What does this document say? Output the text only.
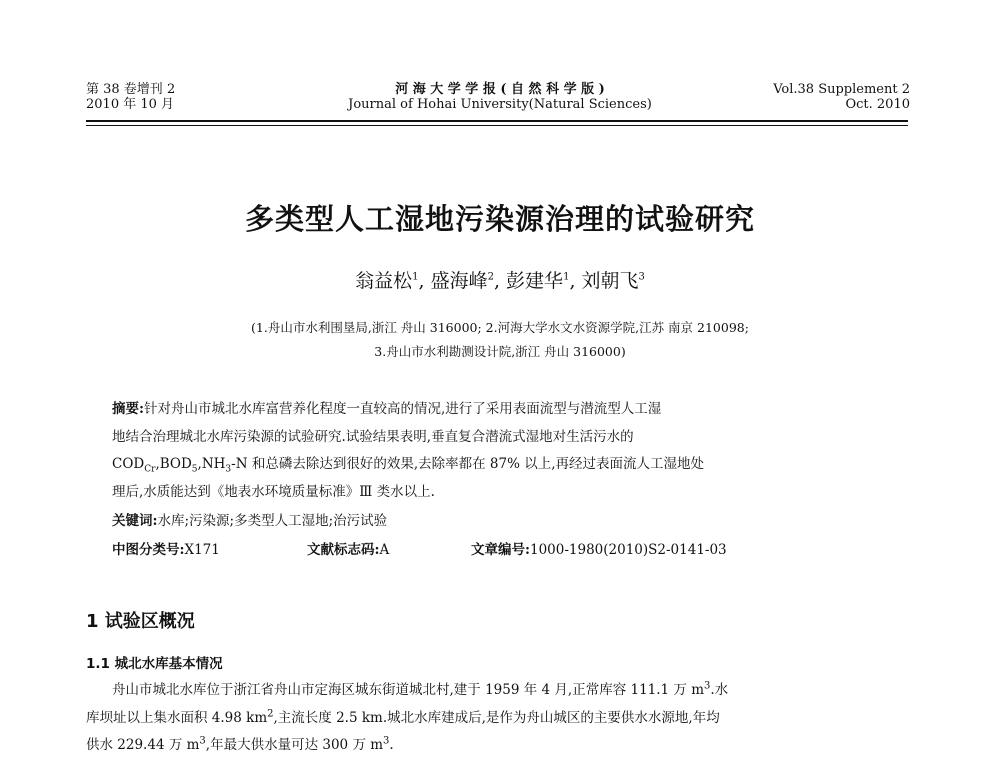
第 38 卷增刊 2
2010 年 10 月
河 海 大 学 学 报 ( 自 然 科 学 版 )
Journal of Hohai University(Natural Sciences)
Vol.38 Supplement 2
Oct. 2010
多类型人工湿地污染源治理的试验研究
翁益松$^1$, 盛海峰$^2$, 彭建华$^1$, 刘朝飞$^3$
(1.舟山市水利围垦局,浙江 舟山 316000; 2.河海大学水文水资源学院,江苏 南京 210098;
3.舟山市水利勘测设计院,浙江 舟山 316000)
摘要:针对舟山市城北水库富营养化程度一直较高的情况,进行了采用表面流型与潜流型人工湿
地结合治理城北水库污染源的试验研究.试验结果表明,垂直复合潜流式湿地对生活污水的
$COD_{Cr},BOD_5,NH_3-N$ 和总磷去除达到很好的效果,去除率都在 87% 以上,再经过表面流人工湿地处
理后,水质能达到《地表水环境质量标准》Ⅲ 类水以上.
关键词:水库;污染源;多类型人工湿地;治污试验
中图分类号:X171	文献标志码:A	文章编号:1000-1980(2010)S2-0141-03
1 试验区概况
1.1 城北水库基本情况
舟山市城北水库位于浙江省舟山市定海区城东街道城北村,建于 1959 年 4 月,正常库容 111.1 万 $m^3$.水
库坝址以上集水面积 4.98 $km^2$,主流长度 2.5 km.城北水库建成后,是作为舟山城区的主要供水水源地,年均
供水 229.44 万 $m^3$,年最大供水量可达 300 万 $m^3$.
